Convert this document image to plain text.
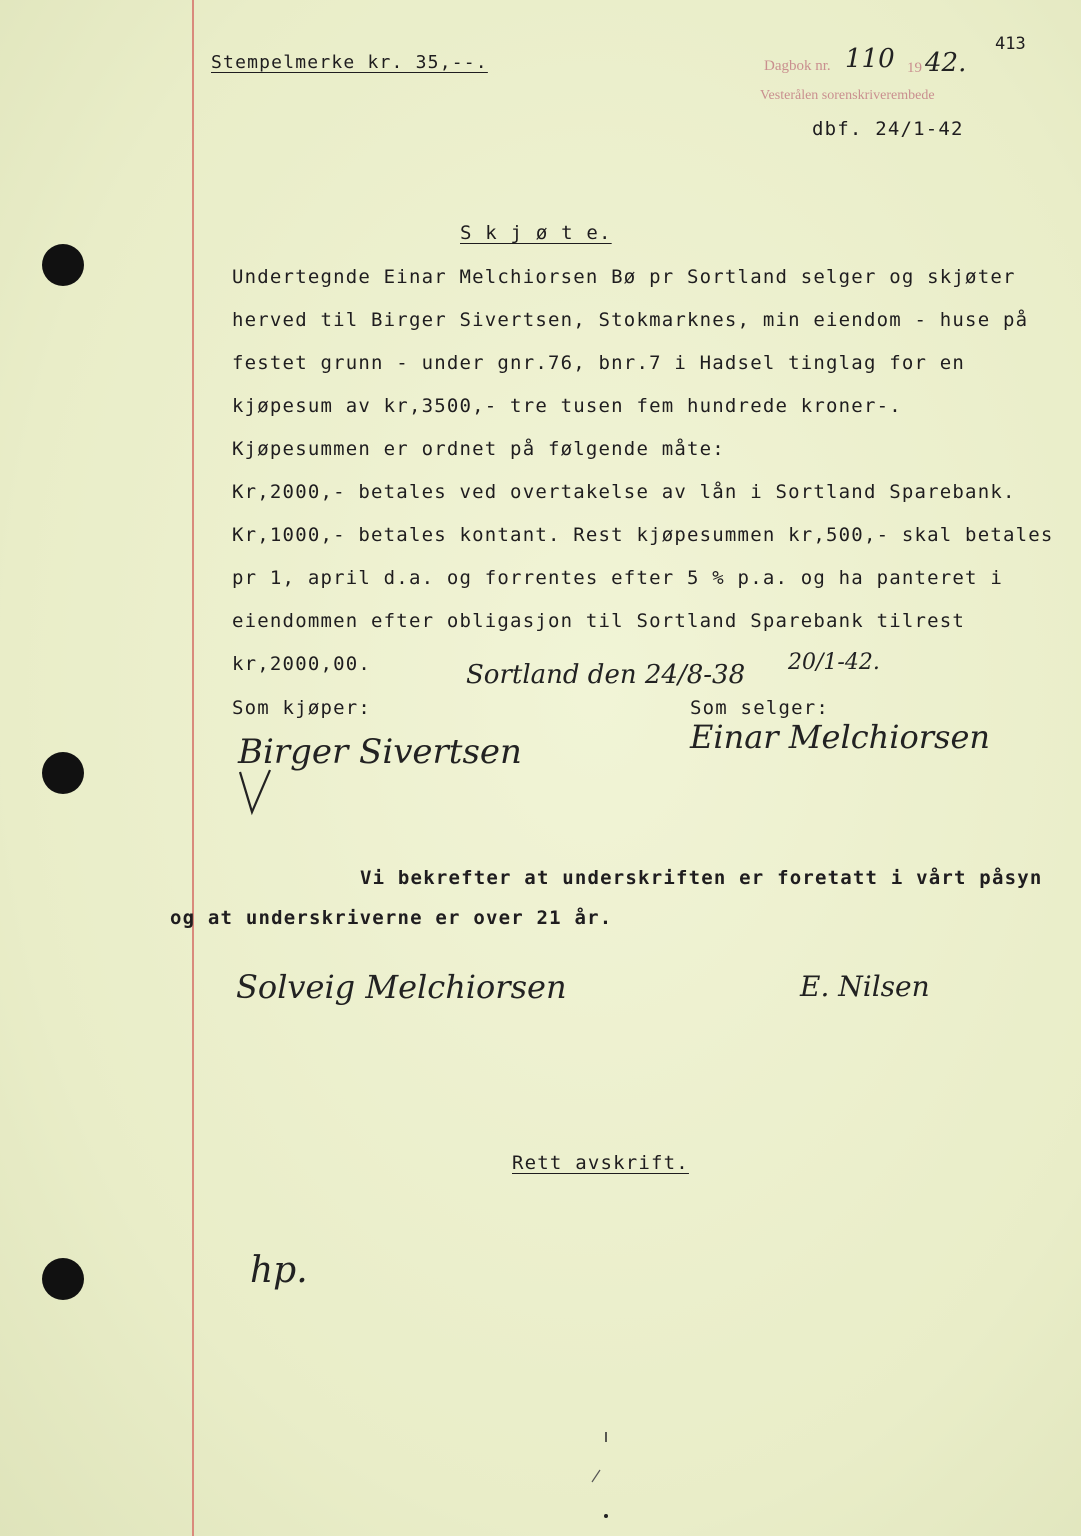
Stempelmerke kr. 35,--.
413
Dagbok nr. 110 19 42.
Vesterålen sorenskriverembede
dbf. 24/1-42
S k j ø t e.
Undertegnde Einar Melchiorsen Bø pr Sortland selger og skjøter
herved til Birger Sivertsen, Stokmarknes, min eiendom - huse på
festet grunn - under gnr.76, bnr.7 i Hadsel tinglag for en
kjøpesum av kr,3500,- tre tusen fem hundrede kroner-.
Kjøpesummen er ordnet på følgende måte:
Kr,2000,- betales ved overtakelse av lån i Sortland Sparebank.
Kr,1000,- betales kontant. Rest kjøpesummen kr,500,- skal betales
pr 1, april d.a. og forrentes efter 5 % p.a. og ha panteret i
eiendommen efter obligasjon til Sortland Sparebank tilrest
kr,2000,00.	Sortland den 24/8-38 20/1-42.
Som kjøper:	Som selger:
Birger Sivertsen	Einar Melchiorsen
Vi bekrefter at underskriften er foretatt i vårt påsyn
og at underskriverne er over 21 år.
Solveig Melchiorsen	E. Nilsen
Rett avskrift.
hp.
